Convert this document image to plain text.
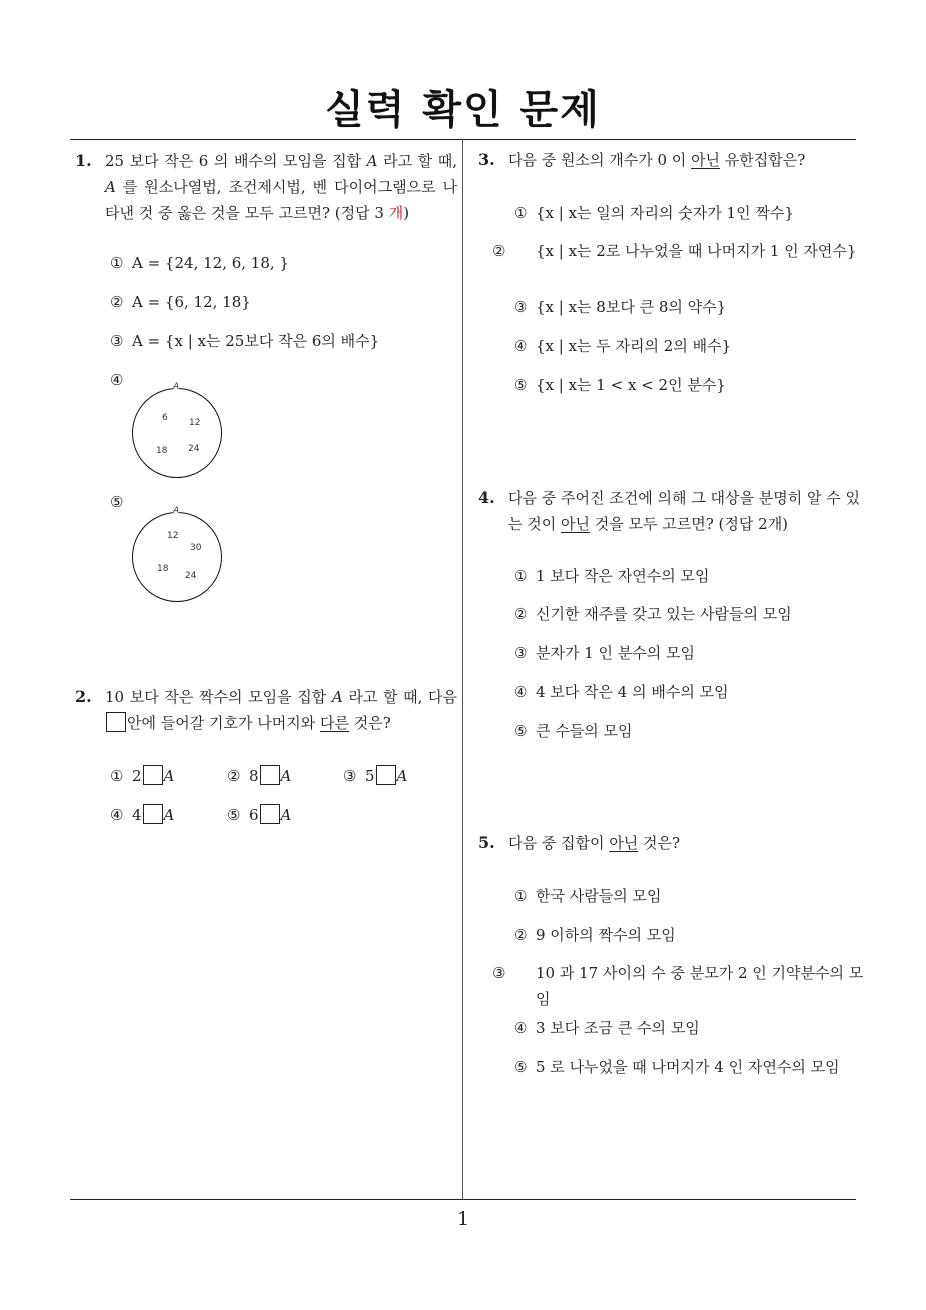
실력 확인 문제
1
1. 25 보다 작은 6 의 배수의 모임을 집합 A 라고 할 때, A 를 원소나열법, 조건제시법, 벤 다이어그램으로 나타낸 것 중 옳은 것을 모두 고르면? (정답 3 개)
① A = {24, 12, 6, 18, }
② A = {6, 12, 18}
③ A = {x | x는 25보다 작은 6의 배수}
④	A
6 12
18 24
⑤	A
12
30
18
24
2. 10 보다 작은 짝수의 모임을 집합 A 라고 할 때, 다음 안에 들어갈 기호가 나머지와 다른 것은?
① 2 A	② 8 A	③ 5 A
④ 4 A	⑤ 6 A
3. 다음 중 원소의 개수가 0 이 아닌 유한집합은?
① {x | x는 일의 자리의 숫자가 1인 짝수}
② {x | x는 2로 나누었을 때 나머지가 1 인 자연수}
③ {x | x는 8보다 큰 8의 약수}
④ {x | x는 두 자리의 2의 배수}
⑤ {x | x는 1 < x < 2인 분수}
4. 다음 중 주어진 조건에 의해 그 대상을 분명히 알 수 있는 것이 아닌 것을 모두 고르면? (정답 2개)
① 1 보다 작은 자연수의 모임
② 신기한 재주를 갖고 있는 사람들의 모임
③ 분자가 1 인 분수의 모임
④ 4 보다 작은 4 의 배수의 모임
⑤ 큰 수들의 모임
5. 다음 중 집합이 아닌 것은?
① 한국 사람들의 모임
② 9 이하의 짝수의 모임
③ 10 과 17 사이의 수 중 분모가 2 인 기약분수의 모임
④ 3 보다 조금 큰 수의 모임
⑤ 5 로 나누었을 때 나머지가 4 인 자연수의 모임
